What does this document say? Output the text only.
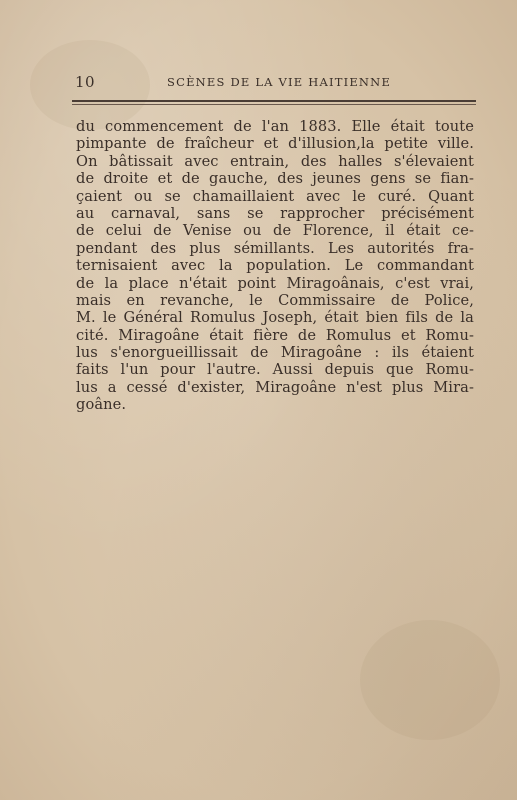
10	SCÈNES DE LA VIE HAITIENNE
du commencement de l'an 1883. Elle était toute
pimpante de fraîcheur et d'illusion,la petite ville.
On bâtissait avec entrain, des halles s'élevaient
de droite et de gauche, des jeunes gens se fian-
çaient ou se chamaillaient avec le curé. Quant
au carnaval, sans se rapprocher précisément
de celui de Venise ou de Florence, il était ce-
pendant des plus sémillants. Les autorités fra-
ternisaient avec la population. Le commandant
de la place n'était point Miragoânais, c'est vrai,
mais en revanche, le Commissaire de Police,
M. le Général Romulus Joseph, était bien fils de la
cité. Miragoâne était fière de Romulus et Romu-
lus s'enorgueillissait de Miragoâne : ils étaient
faits l'un pour l'autre. Aussi depuis que Romu-
lus a cessé d'exister, Miragoâne n'est plus Mira-
goâne.
